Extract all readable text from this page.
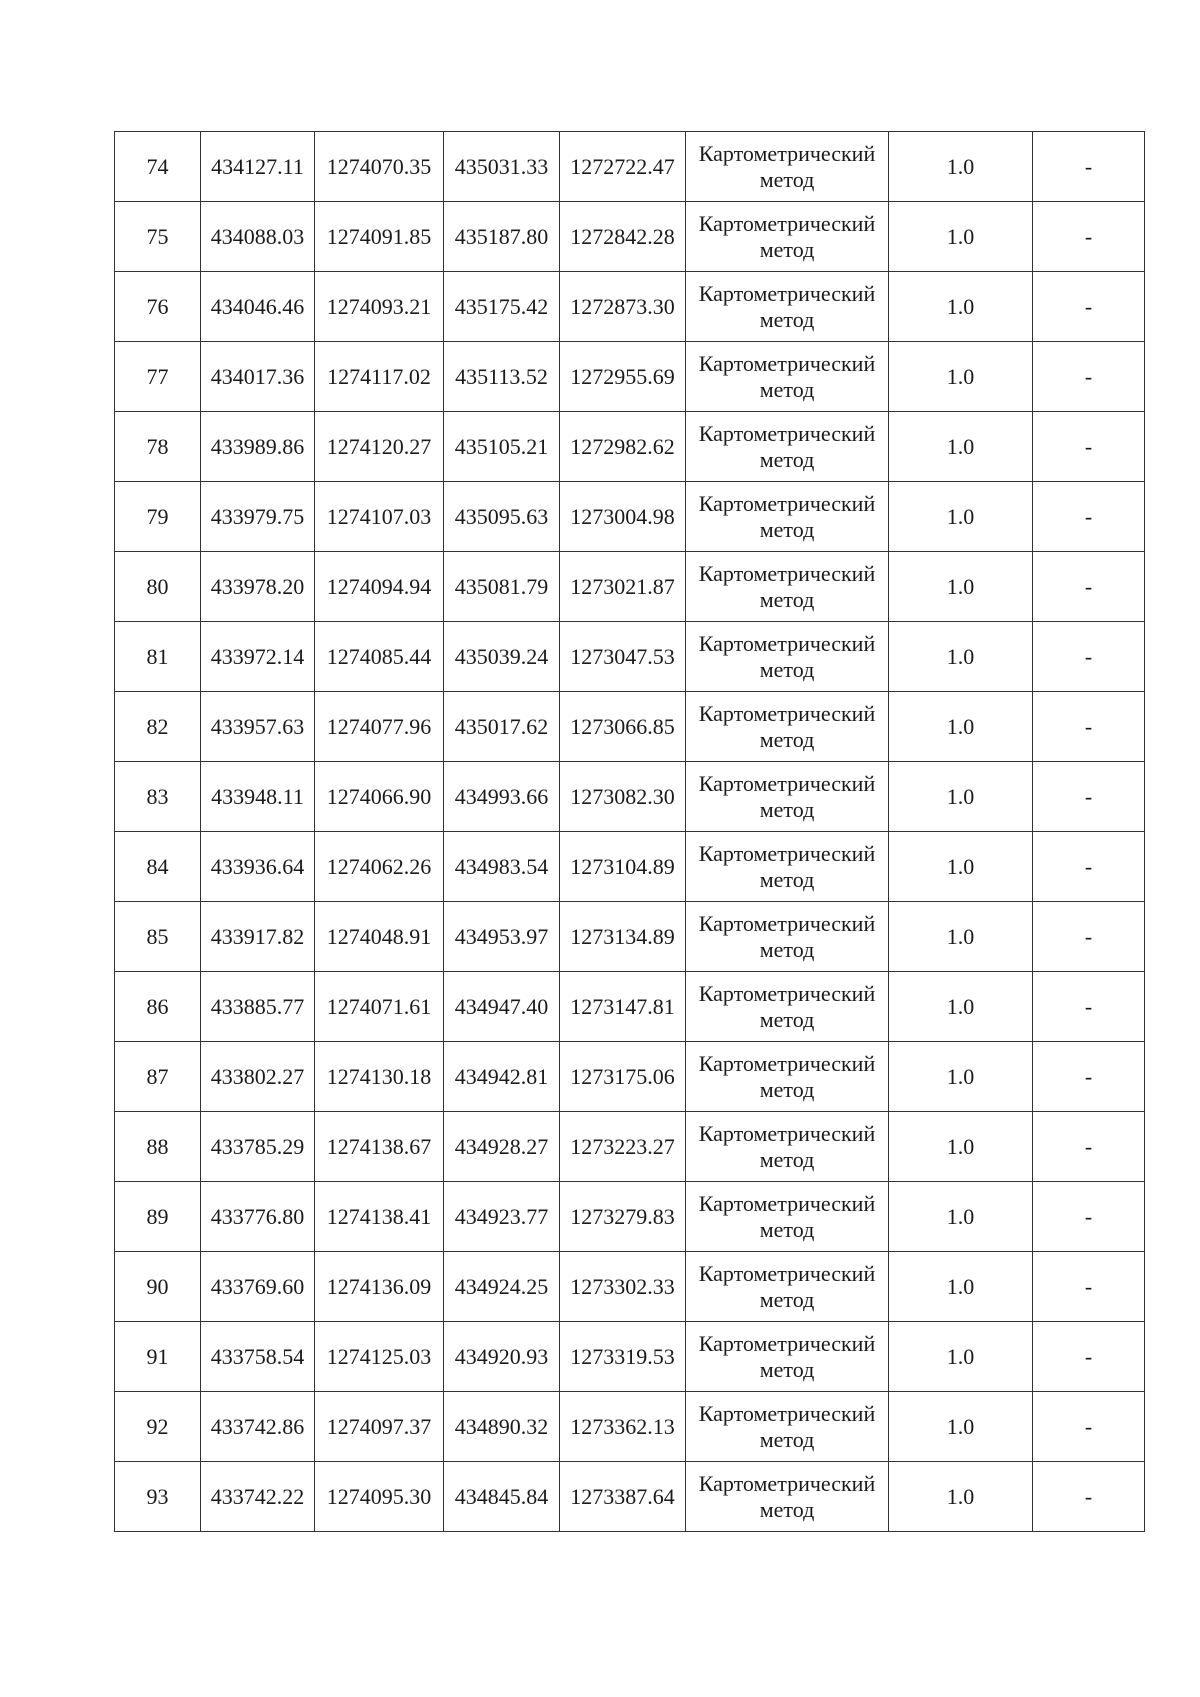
74	434127.11	1274070.35	435031.33	1272722.47	Картометрический
метод	1.0	-
75	434088.03	1274091.85	435187.80	1272842.28	Картометрический
метод	1.0	-
76	434046.46	1274093.21	435175.42	1272873.30	Картометрический
метод	1.0	-
77	434017.36	1274117.02	435113.52	1272955.69	Картометрический
метод	1.0	-
78	433989.86	1274120.27	435105.21	1272982.62	Картометрический
метод	1.0	-
79	433979.75	1274107.03	435095.63	1273004.98	Картометрический
метод	1.0	-
80	433978.20	1274094.94	435081.79	1273021.87	Картометрический
метод	1.0	-
81	433972.14	1274085.44	435039.24	1273047.53	Картометрический
метод	1.0	-
82	433957.63	1274077.96	435017.62	1273066.85	Картометрический
метод	1.0	-
83	433948.11	1274066.90	434993.66	1273082.30	Картометрический
метод	1.0	-
84	433936.64	1274062.26	434983.54	1273104.89	Картометрический
метод	1.0	-
85	433917.82	1274048.91	434953.97	1273134.89	Картометрический
метод	1.0	-
86	433885.77	1274071.61	434947.40	1273147.81	Картометрический
метод	1.0	-
87	433802.27	1274130.18	434942.81	1273175.06	Картометрический
метод	1.0	-
88	433785.29	1274138.67	434928.27	1273223.27	Картометрический
метод	1.0	-
89	433776.80	1274138.41	434923.77	1273279.83	Картометрический
метод	1.0	-
90	433769.60	1274136.09	434924.25	1273302.33	Картометрический
метод	1.0	-
91	433758.54	1274125.03	434920.93	1273319.53	Картометрический
метод	1.0	-
92	433742.86	1274097.37	434890.32	1273362.13	Картометрический
метод	1.0	-
93	433742.22	1274095.30	434845.84	1273387.64	Картометрический
метод	1.0	-
